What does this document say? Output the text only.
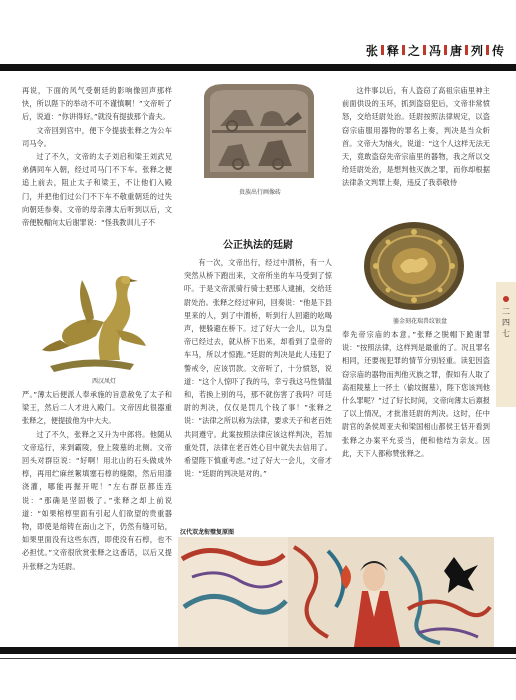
张 释 之 冯 唐 列 传

再说，下面的风气受朝廷的影响像回声那样快，所以陛下的举动不可不谨慎啊！”文帝听了后，说道：“你讲得好。”就没有提拔那个啬夫。

文帝回到宫中，便下令提拔张释之为公车司马令。

过了不久，文帝的太子刘启和梁王刘武兄弟俩同车入朝，经过司马门不下车。张释之便追上前去，阻止太子和梁王，不让他们入殿门，并把他们过公门不下车不敬重朝廷的过失向朝廷参奏。文帝的母亲薄太后听到以后，文帝便脱帽向太后谢罪说：“怪我教训儿子不

西汉凤灯

严。”薄太后便派人奉承施的旨意赦免了太子和梁王，然后二人才进入殿门。文帝因此很器重张释之，便提拔他为中大夫。

过了不久，张释之又升为中郎将。他随从文帝巡行，来到霸陵，登上陵墓的北侧。文帝回头对群臣说：“好啊！用北山的石头做成外椁，再用纻麻丝絮填塞石椁的缝隙，然后用漆浇灌，哪能再掘开呢！”左右群臣都连连说：“那确是坚固极了。”张释之却上前说道：“如果棺椁里面有引起人们欲望的贵重器物，即使是熔铸在南山之下，仍然有缝可钻，如果里面没有这些东西，即使没有石椁，也不必担忧。”文帝很欣赏张释之这番话，以后又提升张释之为廷尉。

贵族出行画像砖
公正执法的廷尉

有一次，文帝出行，经过中渭桥，有一人突然从桥下跑出来，文帝所坐的车马受到了惊吓。于是文帝派骑行骑士把那人逮捕，交给廷尉处治。张释之经过审问，回奏说：“他是下县里来的人，到了中渭桥，听到行人回避的吆喝声，便躲避在桥下。过了好大一会儿，以为皇帝已经过去，就从桥下出来，却看到了皇帝的车马，所以才惊跑。”廷尉的判决是此人违犯了警戒令，应该罚款。文帝听了，十分愤怒，说道：“这个人惊吓了我的马，幸亏我这马性情温和，若换上别的马，那不就伤害了我吗？可廷尉的判决，仅仅是罚几个钱了事！”张释之说：“法律之所以称为法律，要求天子和老百姓共同遵守。此案按照法律应该这样判决，若加重处罚，法律在老百姓心目中就失去信用了。希望陛下慎重考虑。”过了好大一会儿，文帝才说：“廷尉的判决是对的。”

这件事以后，有人盗窃了高祖宗庙里神主前面供设的玉环，抓到盗窃犯后，文帝非常愤怒，交给廷尉处治。廷尉按照法律规定，以盗窃宗庙服用器物的罪名上奏，判决是当众斩首。文帝大为恼火，说道：“这个人这样无法无天，竟敢盗窃先帝宗庙里的器物，我之所以交给廷尉处治，是想判他灭族之罪，而你却根据法律条文判罪上奏，违反了我恭敬侍

鎏金刻花瑞兽纹银盘

奉先帝宗庙的本意。”张释之脱帽下跪谢罪说：“按照法律，这样判是最重的了。况且罪名相同，还要视犯罪的情节分别轻重。读犯因盗窃宗庙的器物而判他灭族之罪，假如有人取了高祖陵墓上一抔土（偷坟掘墓），陛下您该判他什么罪呢？”过了好长时间，文帝向薄太后禀报了以上情况，才批准廷尉的判决。这时，任中尉官的条侯周亚夫和梁国相山都侯王恬开看到张释之办案平允妥当，便和他结为亲友。因此，天下人都称赞张释之。

汉代双龙衔璧复原图
二四七
